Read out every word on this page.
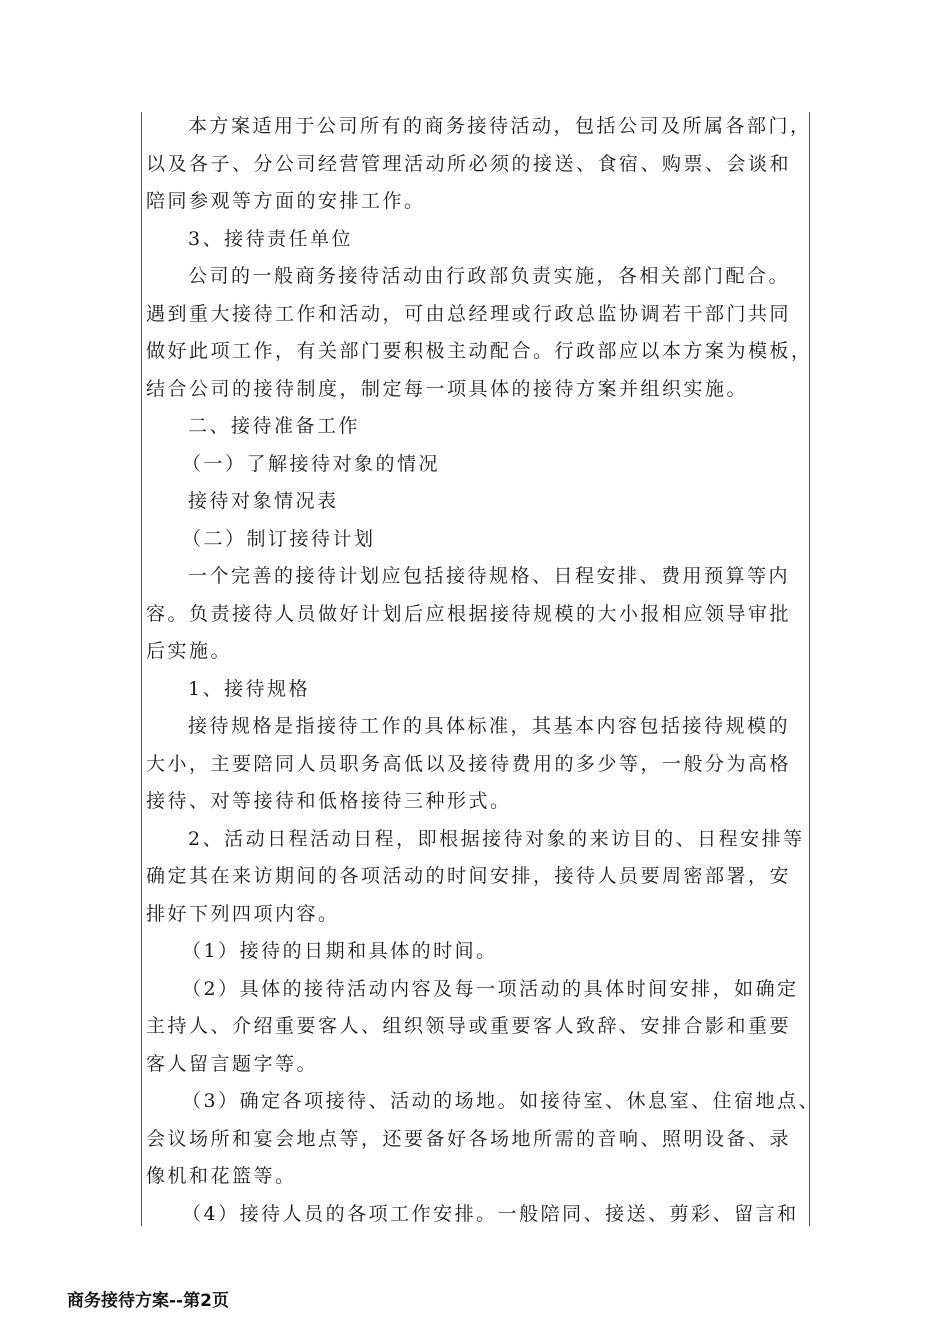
本方案适用于公司所有的商务接待活动，包括公司及所属各部门，

以及各子、分公司经营管理活动所必须的接送、食宿、购票、会谈和

陪同参观等方面的安排工作。

3、接待责任单位

公司的一般商务接待活动由行政部负责实施，各相关部门配合。

遇到重大接待工作和活动，可由总经理或行政总监协调若干部门共同

做好此项工作，有关部门要积极主动配合。行政部应以本方案为模板，

结合公司的接待制度，制定每一项具体的接待方案并组织实施。

二、接待准备工作

（一）了解接待对象的情况

接待对象情况表

（二）制订接待计划

一个完善的接待计划应包括接待规格、日程安排、费用预算等内

容。负责接待人员做好计划后应根据接待规模的大小报相应领导审批

后实施。

1、接待规格

接待规格是指接待工作的具体标准，其基本内容包括接待规模的

大小，主要陪同人员职务高低以及接待费用的多少等，一般分为高格

接待、对等接待和低格接待三种形式。

2、活动日程活动日程，即根据接待对象的来访目的、日程安排等

确定其在来访期间的各项活动的时间安排，接待人员要周密部署，安

排好下列四项内容。

（1）接待的日期和具体的时间。

（2）具体的接待活动内容及每一项活动的具体时间安排，如确定

主持人、介绍重要客人、组织领导或重要客人致辞、安排合影和重要

客人留言题字等。

（3）确定各项接待、活动的场地。如接待室、休息室、住宿地点、

会议场所和宴会地点等，还要备好各场地所需的音响、照明设备、录

像机和花篮等。

（4）接待人员的各项工作安排。一般陪同、接送、剪彩、留言和

商务接待方案--第2页
